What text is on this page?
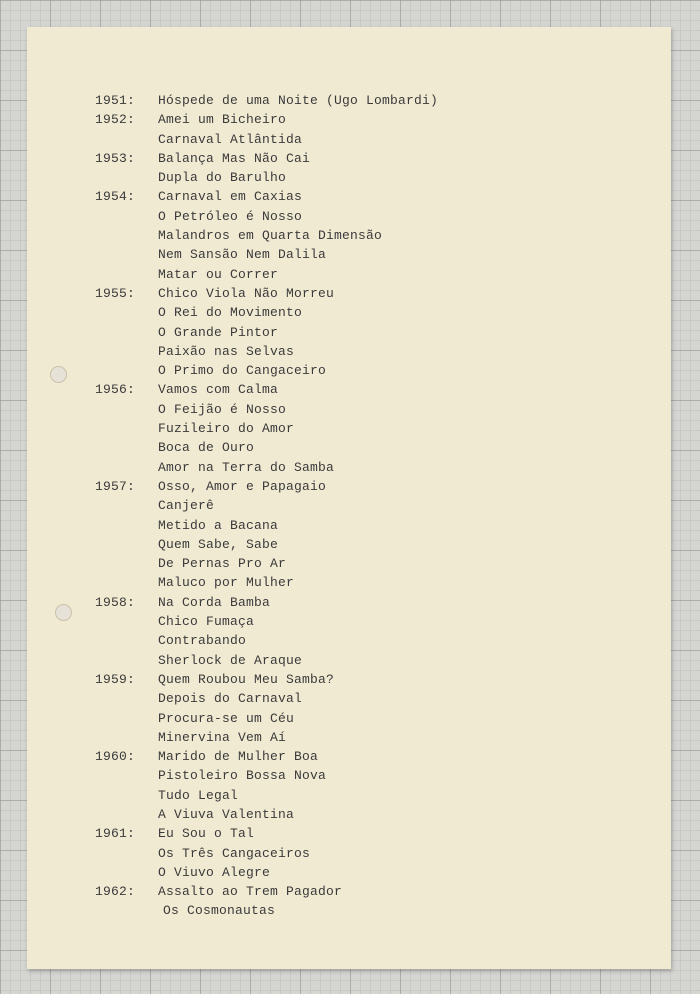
1951: Hóspede de uma Noite (Ugo Lombardi)
1952: Amei um Bicheiro
Carnaval Atlântida
1953: Balança Mas Não Cai
Dupla do Barulho
1954: Carnaval em Caxias
O Petróleo é Nosso
Malandros em Quarta Dimensão
Nem Sansão Nem Dalila
Matar ou Correr
1955: Chico Viola Não Morreu
O Rei do Movimento
O Grande Pintor
Paixão nas Selvas
O Primo do Cangaceiro
1956: Vamos com Calma
O Feijão é Nosso
Fuzileiro do Amor
Boca de Ouro
Amor na Terra do Samba
1957: Osso, Amor e Papagaio
Canjerê
Metido a Bacana
Quem Sabe, Sabe
De Pernas Pro Ar
Maluco por Mulher
1958: Na Corda Bamba
Chico Fumaça
Contrabando
Sherlock de Araque
1959: Quem Roubou Meu Samba?
Depois do Carnaval
Procura-se um Céu
Minervina Vem Aí
1960: Marido de Mulher Boa
Pistoleiro Bossa Nova
Tudo Legal
A Viuva Valentina
1961: Eu Sou o Tal
Os Três Cangaceiros
O Viuvo Alegre
1962: Assalto ao Trem Pagador
Os Cosmonautas
